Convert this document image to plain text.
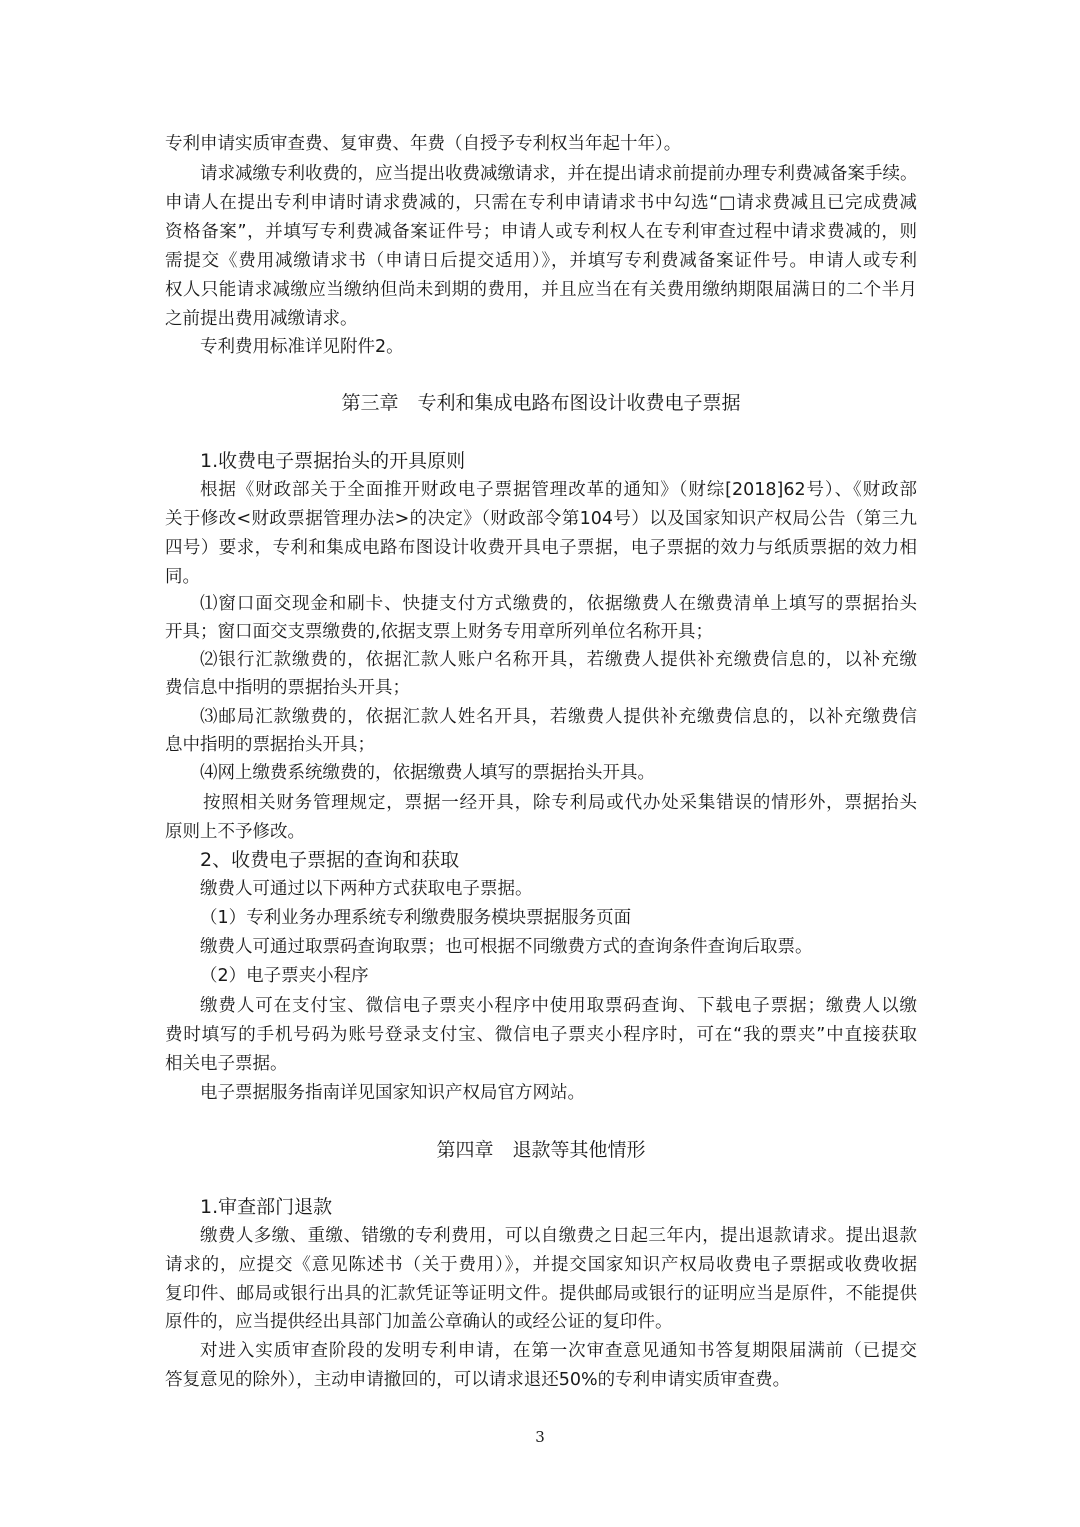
专利申请实质审查费、复审费、年费（自授予专利权当年起十年）。
请求减缴专利收费的，应当提出收费减缴请求，并在提出请求前提前办理专利费减备案手续。
申请人在提出专利申请时请求费减的，只需在专利申请请求书中勾选“□请求费减且已完成费减
资格备案”，并填写专利费减备案证件号；申请人或专利权人在专利审查过程中请求费减的，则
需提交《费用减缴请求书（申请日后提交适用）》，并填写专利费减备案证件号。申请人或专利
权人只能请求减缴应当缴纳但尚未到期的费用，并且应当在有关费用缴纳期限届满日的二个半月
之前提出费用减缴请求。
专利费用标准详见附件2。
第三章　专利和集成电路布图设计收费电子票据
1.收费电子票据抬头的开具原则
根据《财政部关于全面推开财政电子票据管理改革的通知》（财综[2018]62号）、《财政部
关于修改<财政票据管理办法>的决定》（财政部令第104号）以及国家知识产权局公告（第三九
四号）要求，专利和集成电路布图设计收费开具电子票据，电子票据的效力与纸质票据的效力相
同。
⑴窗口面交现金和刷卡、快捷支付方式缴费的，依据缴费人在缴费清单上填写的票据抬头
开具；窗口面交支票缴费的,依据支票上财务专用章所列单位名称开具；
⑵银行汇款缴费的，依据汇款人账户名称开具，若缴费人提供补充缴费信息的，以补充缴
费信息中指明的票据抬头开具；
⑶邮局汇款缴费的，依据汇款人姓名开具，若缴费人提供补充缴费信息的，以补充缴费信
息中指明的票据抬头开具；
⑷网上缴费系统缴费的，依据缴费人填写的票据抬头开具。
按照相关财务管理规定，票据一经开具，除专利局或代办处采集错误的情形外，票据抬头
原则上不予修改。
2、收费电子票据的查询和获取
缴费人可通过以下两种方式获取电子票据。
（1）专利业务办理系统专利缴费服务模块票据服务页面
缴费人可通过取票码查询取票；也可根据不同缴费方式的查询条件查询后取票。
（2）电子票夹小程序
缴费人可在支付宝、微信电子票夹小程序中使用取票码查询、下载电子票据；缴费人以缴
费时填写的手机号码为账号登录支付宝、微信电子票夹小程序时，可在“我的票夹”中直接获取
相关电子票据。
电子票据服务指南详见国家知识产权局官方网站。
第四章　退款等其他情形
1.审查部门退款
缴费人多缴、重缴、错缴的专利费用，可以自缴费之日起三年内，提出退款请求。提出退款
请求的，应提交《意见陈述书（关于费用）》，并提交国家知识产权局收费电子票据或收费收据
复印件、邮局或银行出具的汇款凭证等证明文件。提供邮局或银行的证明应当是原件，不能提供
原件的，应当提供经出具部门加盖公章确认的或经公证的复印件。
对进入实质审查阶段的发明专利申请，在第一次审查意见通知书答复期限届满前（已提交
答复意见的除外），主动申请撤回的，可以请求退还50%的专利申请实质审查费。
3
